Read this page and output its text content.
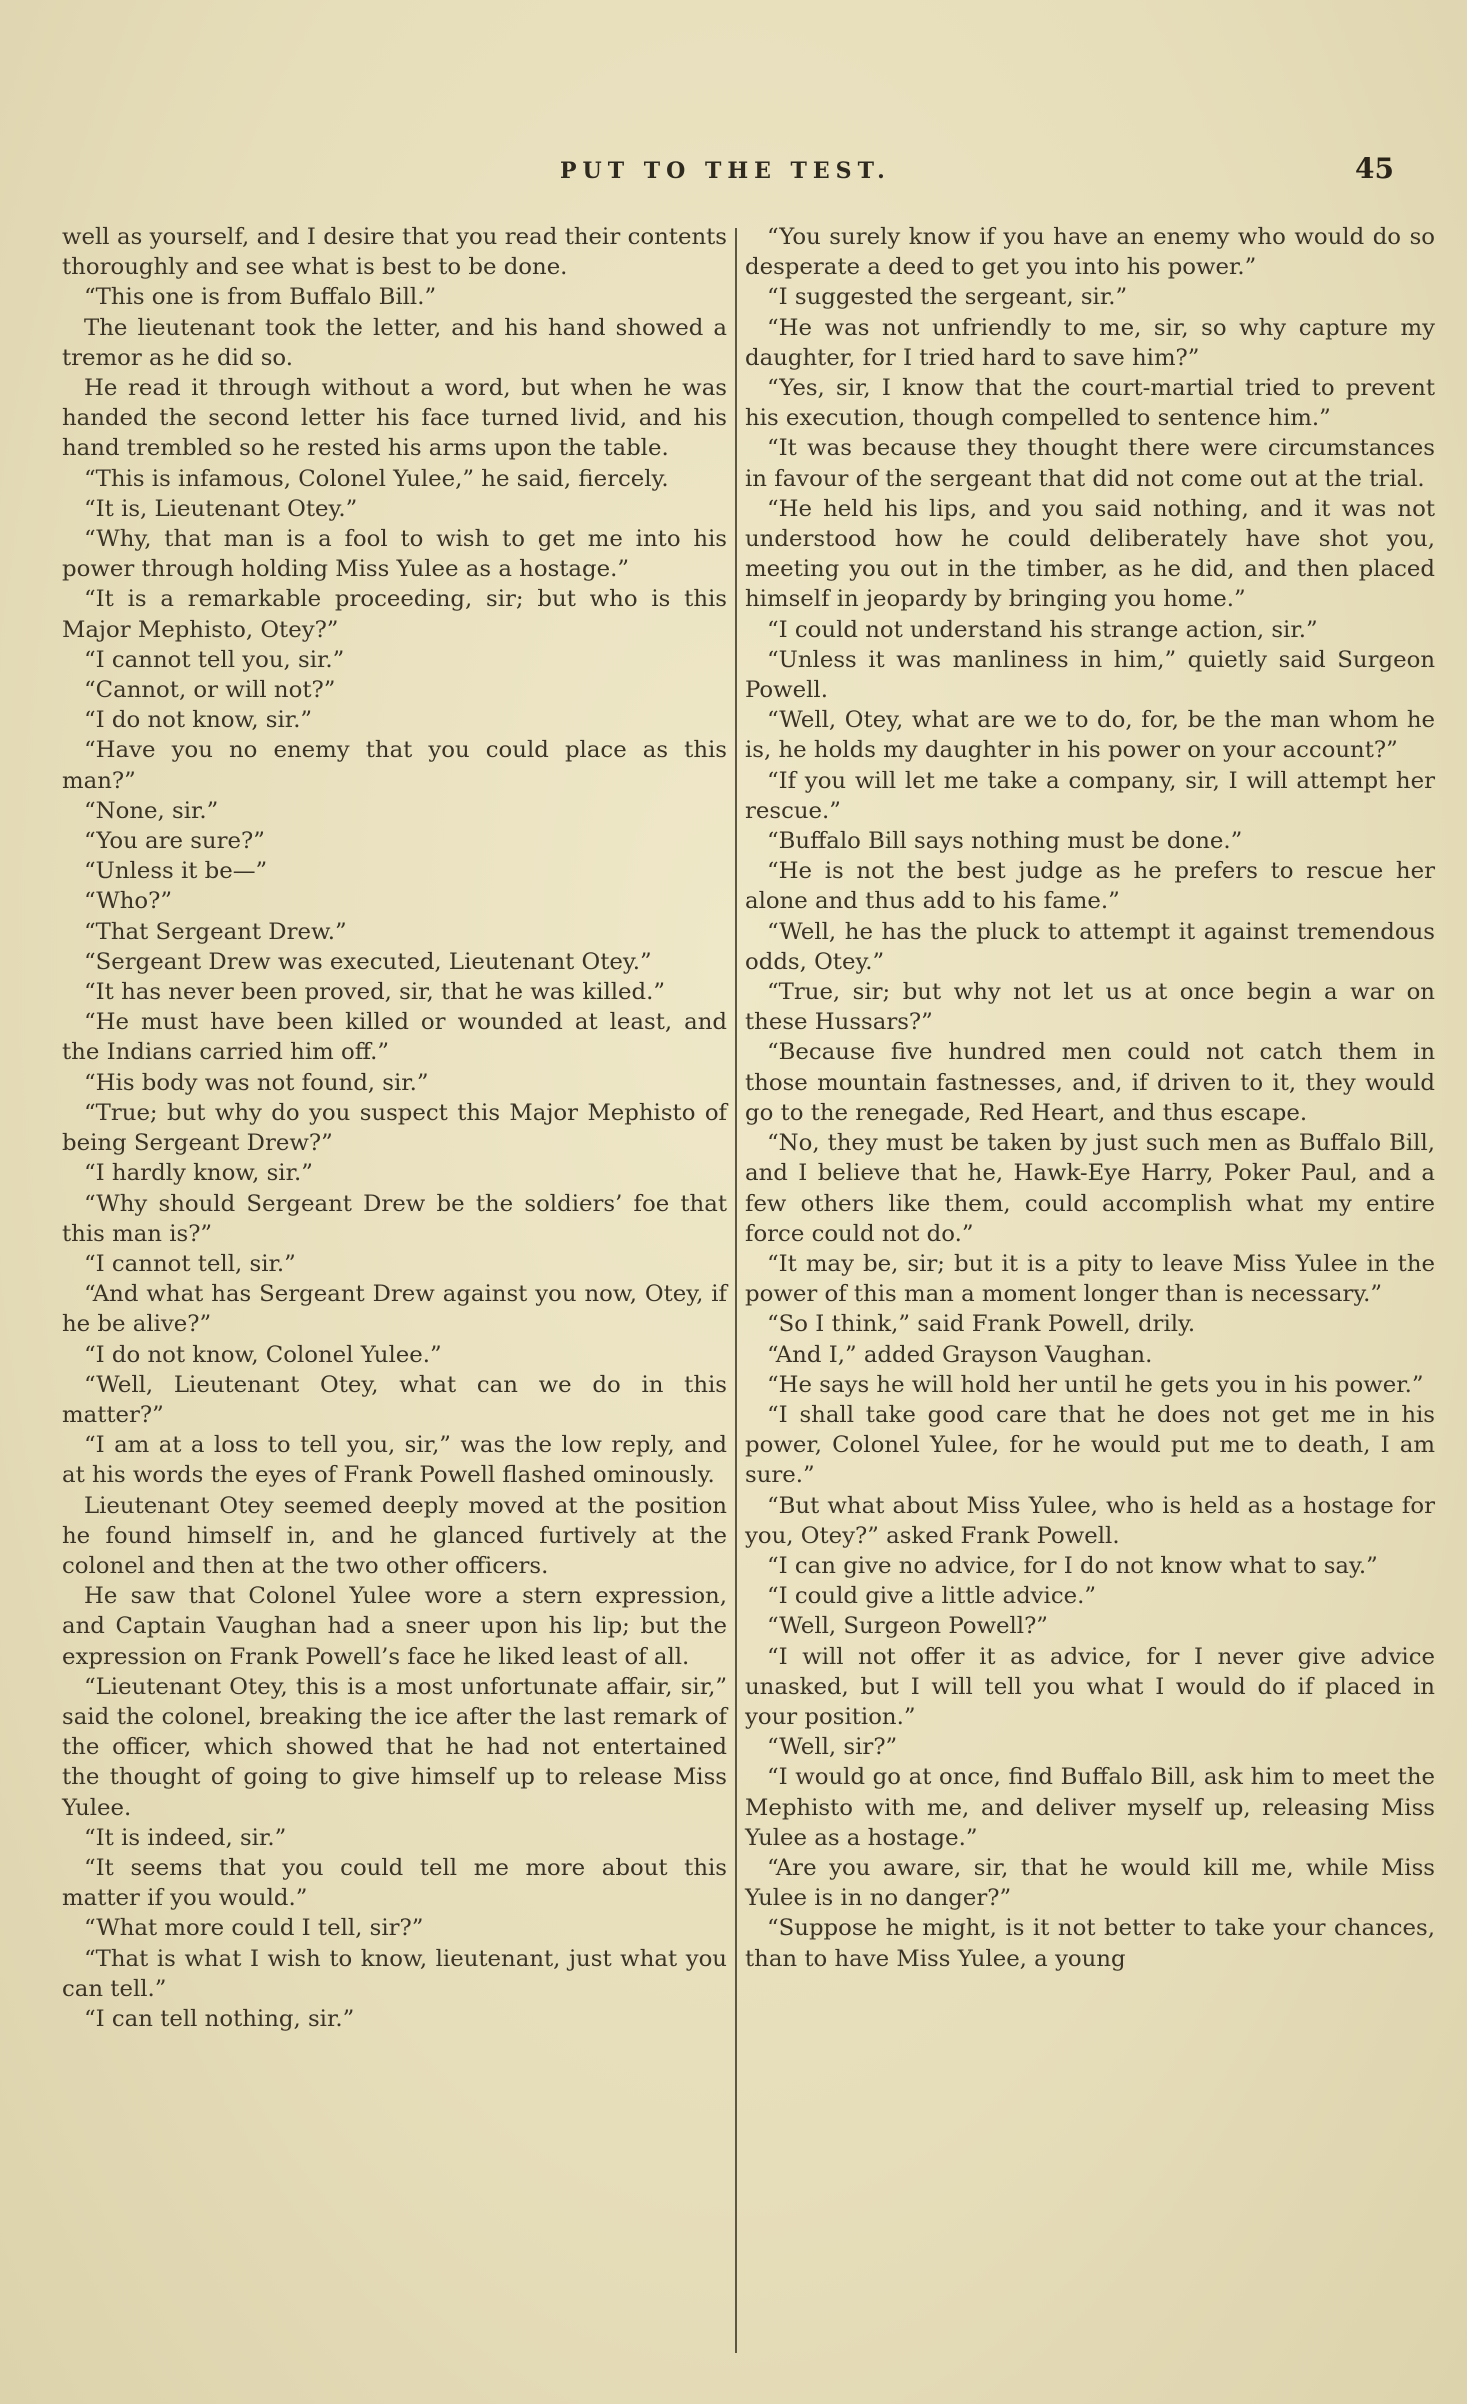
PUT TO THE TEST.	45

well as yourself, and I desire that you read their contents thoroughly and see what is best to be done.

“This one is from Buffalo Bill.”

The lieutenant took the letter, and his hand showed a tremor as he did so.

He read it through without a word, but when he was handed the second letter his face turned livid, and his hand trembled so he rested his arms upon the table.

“This is infamous, Colonel Yulee,” he said, fiercely.

“It is, Lieutenant Otey.”

“Why, that man is a fool to wish to get me into his power through holding Miss Yulee as a hostage.”

“It is a remarkable proceeding, sir; but who is this Major Mephisto, Otey?”

“I cannot tell you, sir.”

“Cannot, or will not?”

“I do not know, sir.”

“Have you no enemy that you could place as this man?”

“None, sir.”

“You are sure?”

“Unless it be—”

“Who?”

“That Sergeant Drew.”

“Sergeant Drew was executed, Lieutenant Otey.”

“It has never been proved, sir, that he was killed.”

“He must have been killed or wounded at least, and the Indians carried him off.”

“His body was not found, sir.”

“True; but why do you suspect this Major Mephisto of being Sergeant Drew?”

“I hardly know, sir.”

“Why should Sergeant Drew be the soldiers’ foe that this man is?”

“I cannot tell, sir.”

“And what has Sergeant Drew against you now, Otey, if he be alive?”

“I do not know, Colonel Yulee.”

“Well, Lieutenant Otey, what can we do in this matter?”

“I am at a loss to tell you, sir,” was the low reply, and at his words the eyes of Frank Powell flashed ominously.

Lieutenant Otey seemed deeply moved at the position he found himself in, and he glanced furtively at the colonel and then at the two other officers.

He saw that Colonel Yulee wore a stern expression, and Captain Vaughan had a sneer upon his lip; but the expression on Frank Powell’s face he liked least of all.

“Lieutenant Otey, this is a most unfortunate affair, sir,” said the colonel, breaking the ice after the last remark of the officer, which showed that he had not entertained the thought of going to give himself up to release Miss Yulee.

“It is indeed, sir.”

“It seems that you could tell me more about this matter if you would.”

“What more could I tell, sir?”

“That is what I wish to know, lieutenant, just what you can tell.”

“I can tell nothing, sir.”

“You surely know if you have an enemy who would do so desperate a deed to get you into his power.”

“I suggested the sergeant, sir.”

“He was not unfriendly to me, sir, so why capture my daughter, for I tried hard to save him?”

“Yes, sir, I know that the court-martial tried to prevent his execution, though compelled to sentence him.”

“It was because they thought there were circumstances in favour of the sergeant that did not come out at the trial.

“He held his lips, and you said nothing, and it was not understood how he could deliberately have shot you, meeting you out in the timber, as he did, and then placed himself in jeopardy by bringing you home.”

“I could not understand his strange action, sir.”

“Unless it was manliness in him,” quietly said Surgeon Powell.

“Well, Otey, what are we to do, for, be the man whom he is, he holds my daughter in his power on your account?”

“If you will let me take a company, sir, I will attempt her rescue.”

“Buffalo Bill says nothing must be done.”

“He is not the best judge as he prefers to rescue her alone and thus add to his fame.”

“Well, he has the pluck to attempt it against tremendous odds, Otey.”

“True, sir; but why not let us at once begin a war on these Hussars?”

“Because five hundred men could not catch them in those mountain fastnesses, and, if driven to it, they would go to the renegade, Red Heart, and thus escape.

“No, they must be taken by just such men as Buffalo Bill, and I believe that he, Hawk-Eye Harry, Poker Paul, and a few others like them, could accomplish what my entire force could not do.”

“It may be, sir; but it is a pity to leave Miss Yulee in the power of this man a moment longer than is necessary.”

“So I think,” said Frank Powell, drily.

“And I,” added Grayson Vaughan.

“He says he will hold her until he gets you in his power.”

“I shall take good care that he does not get me in his power, Colonel Yulee, for he would put me to death, I am sure.”

“But what about Miss Yulee, who is held as a hostage for you, Otey?” asked Frank Powell.

“I can give no advice, for I do not know what to say.”

“I could give a little advice.”

“Well, Surgeon Powell?”

“I will not offer it as advice, for I never give advice unasked, but I will tell you what I would do if placed in your position.”

“Well, sir?”

“I would go at once, find Buffalo Bill, ask him to meet the Mephisto with me, and deliver myself up, releasing Miss Yulee as a hostage.”

“Are you aware, sir, that he would kill me, while Miss Yulee is in no danger?”

“Suppose he might, is it not better to take your chances, than to have Miss Yulee, a young
